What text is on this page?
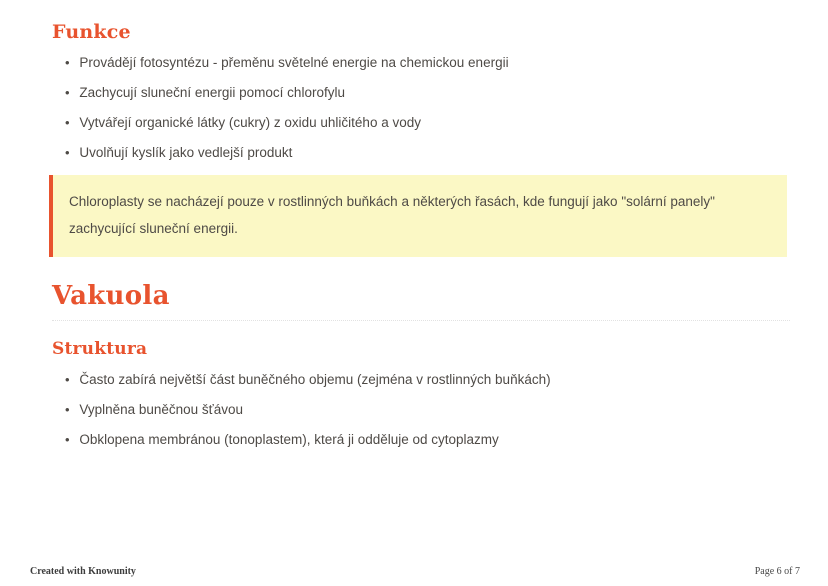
Funkce
• Provádějí fotosyntézu - přeměnu světelné energie na chemickou energii
• Zachycují sluneční energii pomocí chlorofylu
• Vytvářejí organické látky (cukry) z oxidu uhličitého a vody
• Uvolňují kyslík jako vedlejší produkt

Chloroplasty se nacházejí pouze v rostlinných buňkách a některých řasách, kde fungují jako "solární panely" zachycující sluneční energii.

Vakuola
Struktura
• Často zabírá největší část buněčného objemu (zejména v rostlinných buňkách)
• Vyplněna buněčnou šťávou
• Obklopena membránou (tonoplastem), která ji odděluje od cytoplazmy
Created with Knowunity	Page 6 of 7
